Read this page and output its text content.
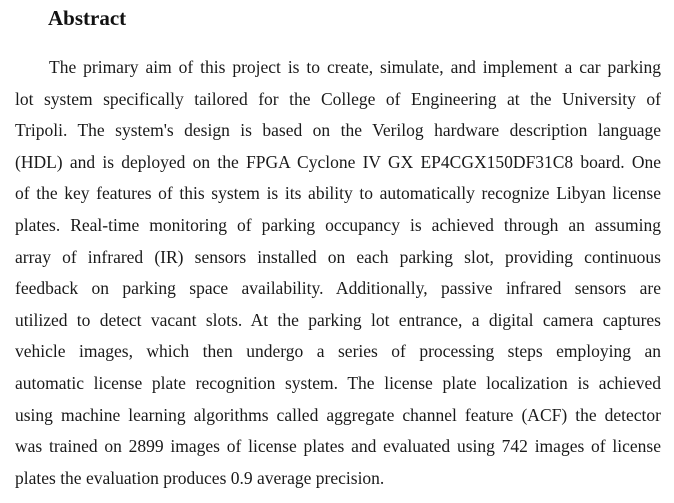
Abstract
The primary aim of this project is to create, simulate, and implement a car parking
lot system specifically tailored for the College of Engineering at the University of
Tripoli. The system's design is based on the Verilog hardware description language
(HDL) and is deployed on the FPGA Cyclone IV GX EP4CGX150DF31C8 board. One
of the key features of this system is its ability to automatically recognize Libyan license
plates. Real-time monitoring of parking occupancy is achieved through an assuming
array of infrared (IR) sensors installed on each parking slot, providing continuous
feedback on parking space availability. Additionally, passive infrared sensors are
utilized to detect vacant slots. At the parking lot entrance, a digital camera captures
vehicle images, which then undergo a series of processing steps employing an
automatic license plate recognition system. The license plate localization is achieved
using machine learning algorithms called aggregate channel feature (ACF) the detector
was trained on 2899 images of license plates and evaluated using 742 images of license
plates the evaluation produces 0.9 average precision.
